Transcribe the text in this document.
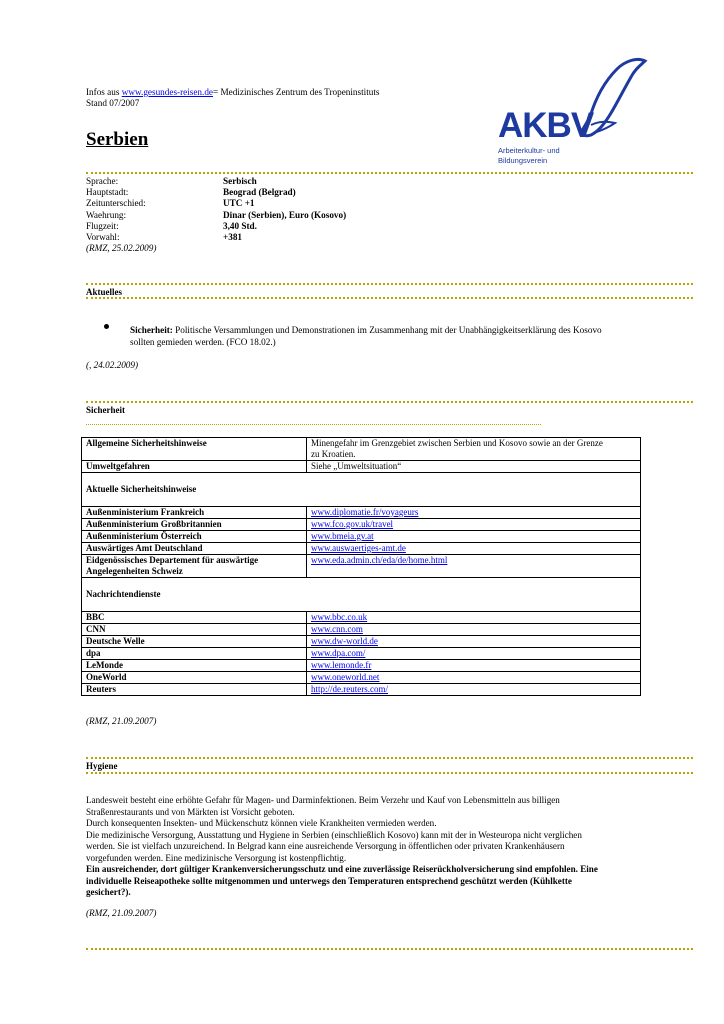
Infos aus www.gesundes-reisen.de= Medizinisches Zentrum des Tropeninstituts
Stand 07/2007
AKBV
Arbeiterkultur- und
Bildungsverein
Serbien
Sprache:	Serbisch
Hauptstadt:	Beograd (Belgrad)
Zeitunterschied:	UTC +1
Waehrung:	Dinar (Serbien), Euro (Kosovo)
Flugzeit:	3,40 Std.
Vorwahl:	+381
(RMZ, 25.02.2009)
Aktuelles
Sicherheit: Politische Versammlungen und Demonstrationen im Zusammenhang mit der Unabhängigkeitserklärung des Kosovo
sollten gemieden werden. (FCO 18.02.)
(, 24.02.2009)
Sicherheit
Allgemeine Sicherheitshinweise	Minengefahr im Grenzgebiet zwischen Serbien und Kosovo sowie an der Grenze
zu Kroatien.
Umweltgefahren	Siehe „Umweltsituation“
Aktuelle Sicherheitshinweise	
Außenministerium Frankreich	www.diplomatie.fr/voyageurs
Außenministerium Großbritannien	www.fco.gov.uk/travel
Außenministerium Österreich	www.bmeia.gv.at
Auswärtiges Amt Deutschland	www.auswaertiges-amt.de
Eidgenössisches Departement für auswärtige
Angelegenheiten Schweiz	www.eda.admin.ch/eda/de/home.html
Nachrichtendienste	
BBC	www.bbc.co.uk
CNN	www.cnn.com
Deutsche Welle	www.dw-world.de
dpa	www.dpa.com/
LeMonde	www.lemonde.fr
OneWorld	www.oneworld.net
Reuters	http://de.reuters.com/
(RMZ, 21.09.2007)
Hygiene
Landesweit besteht eine erhöhte Gefahr für Magen- und Darminfektionen. Beim Verzehr und Kauf von Lebensmitteln aus billigen
Straßenrestaurants und von Märkten ist Vorsicht geboten.
Durch konsequenten Insekten- und Mückenschutz können viele Krankheiten vermieden werden.
Die medizinische Versorgung, Ausstattung und Hygiene in Serbien (einschließlich Kosovo) kann mit der in Westeuropa nicht verglichen
werden. Sie ist vielfach unzureichend. In Belgrad kann eine ausreichende Versorgung in öffentlichen oder privaten Krankenhäusern
vorgefunden werden. Eine medizinische Versorgung ist kostenpflichtig.
Ein ausreichender, dort gültiger Krankenversicherungsschutz und eine zuverlässige Reiserückholversicherung sind empfohlen. Eine
individuelle Reiseapotheke sollte mitgenommen und unterwegs den Temperaturen entsprechend geschützt werden (Kühlkette
gesichert?).
(RMZ, 21.09.2007)
